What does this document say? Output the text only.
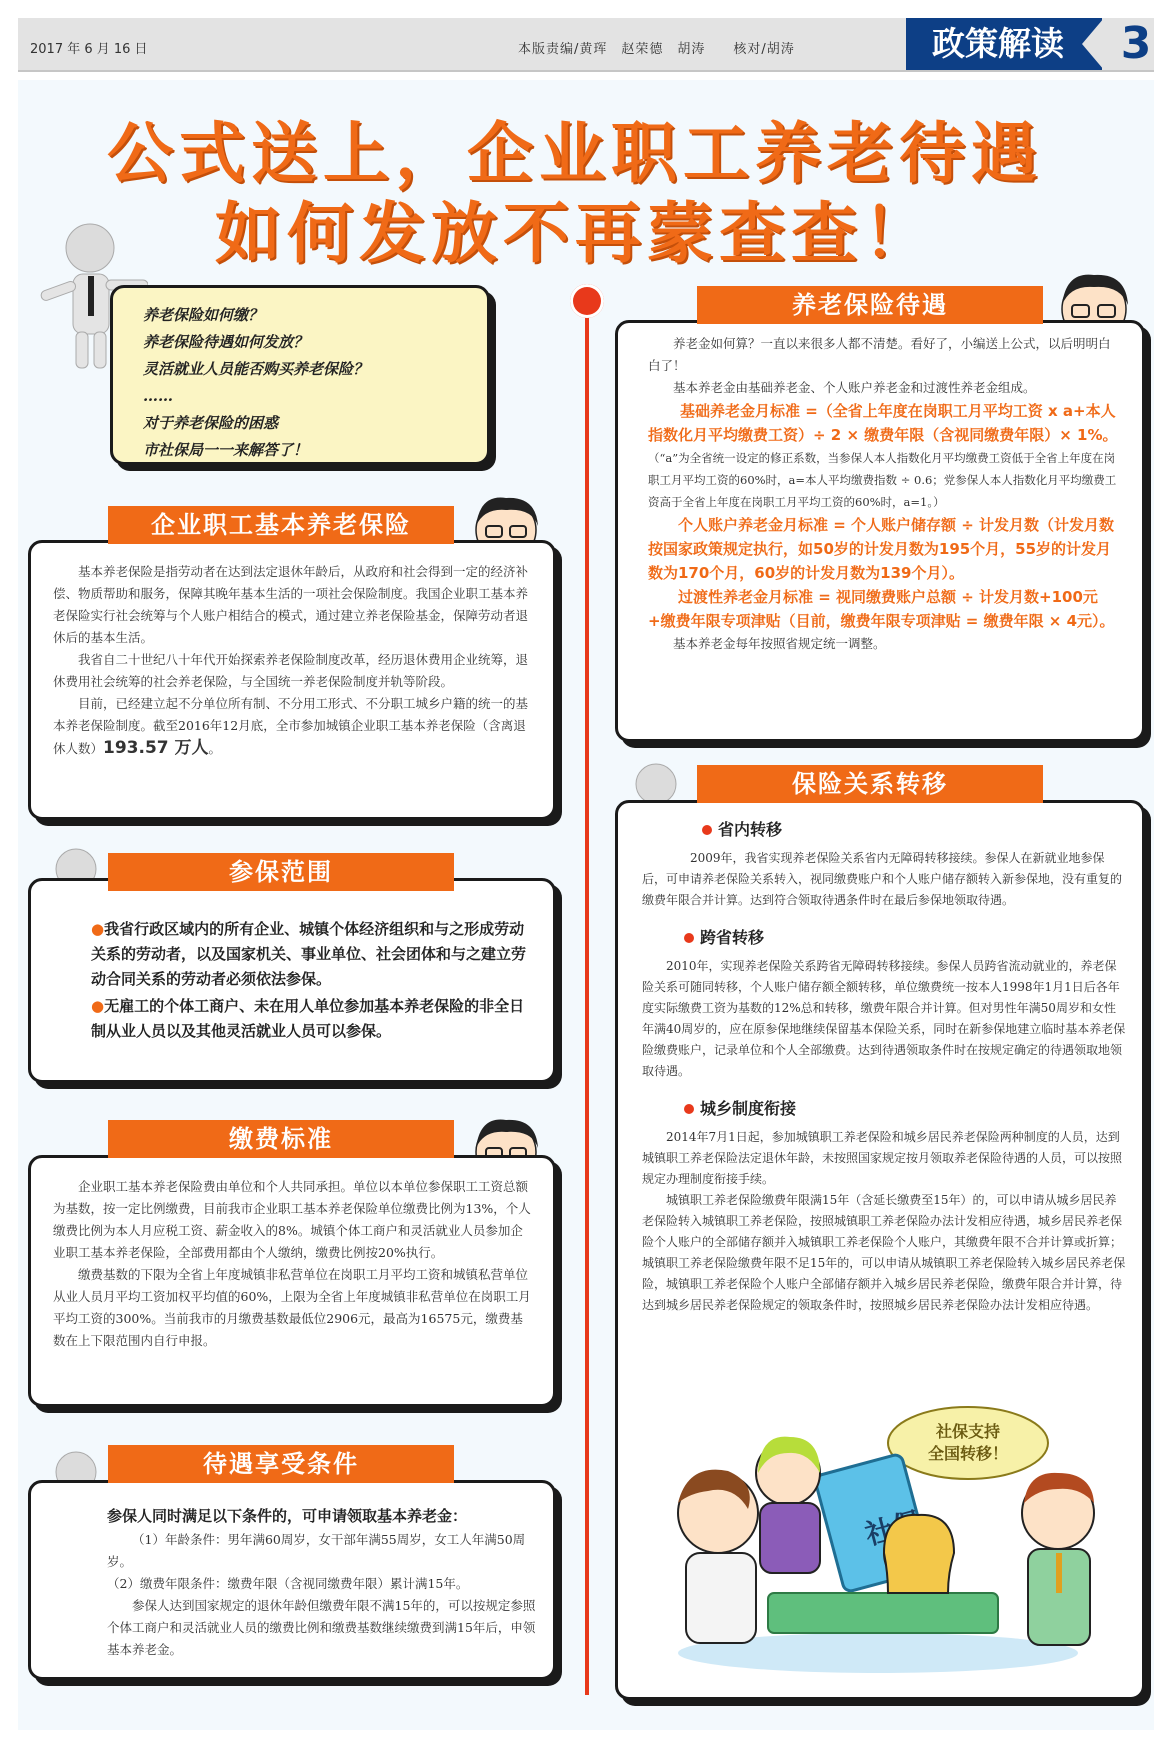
2017 年 6 月 16 日	本版责编/黄珲　赵荣德　胡涛　　核对/胡涛	政策解读	3
公式送上，企业职工养老待遇
如何发放不再蒙查查！
养老保险如何缴？
养老保险待遇如何发放？
灵活就业人员能否购买养老保险？
……
对于养老保险的困惑
市社保局一一来解答了！

基本养老保险是指劳动者在达到法定退休年龄后，从政府和社会得到一定的经济补偿、物质帮助和服务，保障其晚年基本生活的一项社会保险制度。我国企业职工基本养老保险实行社会统筹与个人账户相结合的模式，通过建立养老保险基金，保障劳动者退休后的基本生活。

我省自二十世纪八十年代开始探索养老保险制度改革，经历退休费用企业统筹，退休费用社会统筹的社会养老保险，与全国统一养老保险制度并轨等阶段。

目前，已经建立起不分单位所有制、不分用工形式、不分职工城乡户籍的统一的基本养老保险制度。截至2016年12月底，全市参加城镇企业职工基本养老保险（含离退休人数）193.57 万人。

企业职工基本养老保险
●我省行政区域内的所有企业、城镇个体经济组织和与之形成劳动关系的劳动者，以及国家机关、事业单位、社会团体和与之建立劳动合同关系的劳动者必须依法参保。
●无雇工的个体工商户、未在用人单位参加基本养老保险的非全日制从业人员以及其他灵活就业人员可以参保。
参保范围

企业职工基本养老保险费由单位和个人共同承担。单位以本单位参保职工工资总额为基数，按一定比例缴费，目前我市企业职工基本养老保险单位缴费比例为13%，个人缴费比例为本人月应税工资、薪金收入的8%。城镇个体工商户和灵活就业人员参加企业职工基本养老保险，全部费用都由个人缴纳，缴费比例按20%执行。

缴费基数的下限为全省上年度城镇非私营单位在岗职工月平均工资和城镇私营单位从业人员月平均工资加权平均值的60%，上限为全省上年度城镇非私营单位在岗职工月平均工资的300%。当前我市的月缴费基数最低位2906元，最高为16575元，缴费基数在上下限范围内自行申报。

缴费标准
参保人同时满足以下条件的，可申请领取基本养老金：
（1）年龄条件：男年满60周岁，女干部年满55周岁，女工人年满50周岁。
（2）缴费年限条件：缴费年限（含视同缴费年限）累计满15年。
参保人达到国家规定的退休年龄但缴费年限不满15年的，可以按规定参照个体工商户和灵活就业人员的缴费比例和缴费基数继续缴费到满15年后，申领基本养老金。
待遇享受条件
养老金如何算？一直以来很多人都不清楚。看好了，小编送上公式，以后明明白白了！
基本养老金由基础养老金、个人账户养老金和过渡性养老金组成。
基础养老金月标准 =（全省上年度在岗职工月平均工资 x a+本人指数化月平均缴费工资）÷ 2 × 缴费年限（含视同缴费年限）× 1%。（“a”为全省统一设定的修正系数，当参保人本人指数化月平均缴费工资低于全省上年度在岗职工月平均工资的60%时，a=本人平均缴费指数 ÷ 0.6；党参保人本人指数化月平均缴费工资高于全省上年度在岗职工月平均工资的60%时，a=1。）
个人账户养老金月标准 = 个人账户储存额 ÷ 计发月数（计发月数按国家政策规定执行，如50岁的计发月数为195个月，55岁的计发月数为170个月，60岁的计发月数为139个月）。
过渡性养老金月标准 = 视同缴费账户总额 ÷ 计发月数+100元+缴费年限专项津贴（目前，缴费年限专项津贴 = 缴费年限 × 4元）。
基本养老金每年按照省规定统一调整。
养老保险待遇
省内转移
2009年，我省实现养老保险关系省内无障碍转移接续。参保人在新就业地参保后，可申请养老保险关系转入，视同缴费账户和个人账户储存额转入新参保地，没有重复的缴费年限合并计算。达到符合领取待遇条件时在最后参保地领取待遇。
跨省转移
2010年，实现养老保险关系跨省无障碍转移接续。参保人员跨省流动就业的，养老保险关系可随同转移，个人账户储存额全额转移，单位缴费统一按本人1998年1月1日后各年度实际缴费工资为基数的12%总和转移，缴费年限合并计算。但对男性年满50周岁和女性年满40周岁的，应在原参保地继续保留基本保险关系，同时在新参保地建立临时基本养老保险缴费账户，记录单位和个人全部缴费。达到待遇领取条件时在按规定确定的待遇领取地领取待遇。
城乡制度衔接
2014年7月1日起，参加城镇职工养老保险和城乡居民养老保险两种制度的人员，达到城镇职工养老保险法定退休年龄，未按照国家规定按月领取养老保险待遇的人员，可以按照规定办理制度衔接手续。
城镇职工养老保险缴费年限满15年（含延长缴费至15年）的，可以申请从城乡居民养老保险转入城镇职工养老保险，按照城镇职工养老保险办法计发相应待遇，城乡居民养老保险个人账户的全部储存额并入城镇职工养老保险个人账户，其缴费年限不合并计算或折算；城镇职工养老保险缴费年限不足15年的，可以申请从城镇职工养老保险转入城乡居民养老保险，城镇职工养老保险个人账户全部储存额并入城乡居民养老保险，缴费年限合并计算，待达到城乡居民养老保险规定的领取条件时，按照城乡居民养老保险办法计发相应待遇。
社保支持
全国转移！
保险关系转移
